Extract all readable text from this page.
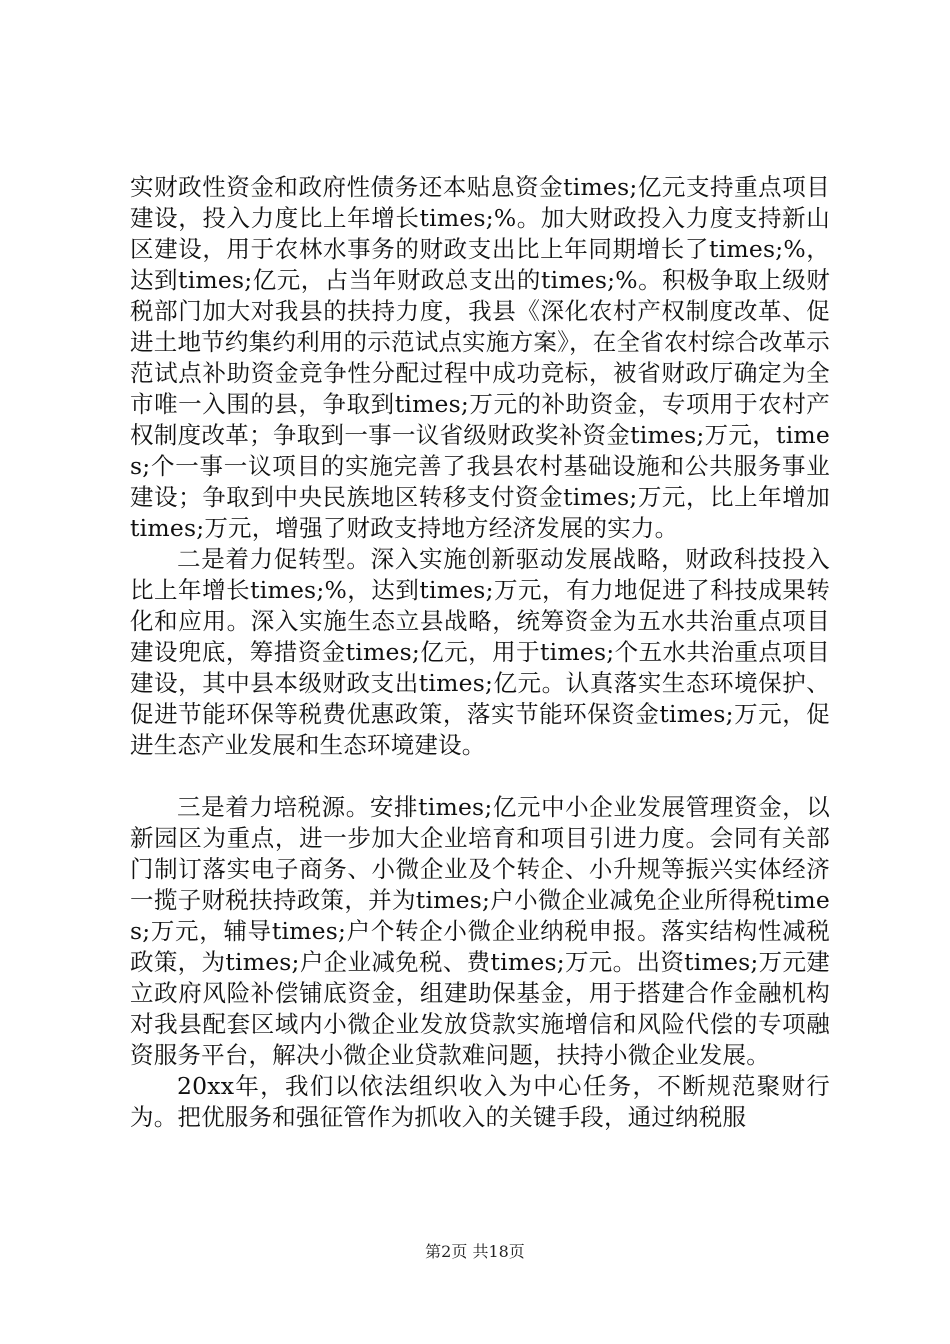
实财政性资金和政府性债务还本贴息资金times;亿元支持重点项目建设，投入力度比上年增长times;%。加大财政投入力度支持新山区建设，用于农林水事务的财政支出比上年同期增长了times;%，达到times;亿元，占当年财政总支出的times;%。积极争取上级财税部门加大对我县的扶持力度，我县《深化农村产权制度改革、促进土地节约集约利用的示范试点实施方案》，在全省农村综合改革示范试点补助资金竞争性分配过程中成功竞标，被省财政厅确定为全市唯一入围的县，争取到times;万元的补助资金，专项用于农村产权制度改革；争取到一事一议省级财政奖补资金times;万元，times;个一事一议项目的实施完善了我县农村基础设施和公共服务事业建设；争取到中央民族地区转移支付资金times;万元，比上年增加times;万元，增强了财政支持地方经济发展的实力。

二是着力促转型。深入实施创新驱动发展战略，财政科技投入比上年增长times;%，达到times;万元，有力地促进了科技成果转化和应用。深入实施生态立县战略，统筹资金为五水共治重点项目建设兜底，筹措资金times;亿元，用于times;个五水共治重点项目建设，其中县本级财政支出times;亿元。认真落实生态环境保护、促进节能环保等税费优惠政策，落实节能环保资金times;万元，促进生态产业发展和生态环境建设。

三是着力培税源。安排times;亿元中小企业发展管理资金，以新园区为重点，进一步加大企业培育和项目引进力度。会同有关部门制订落实电子商务、小微企业及个转企、小升规等振兴实体经济一揽子财税扶持政策，并为times;户小微企业减免企业所得税times;万元，辅导times;户个转企小微企业纳税申报。落实结构性减税政策，为times;户企业减免税、费times;万元。出资times;万元建立政府风险补偿铺底资金，组建助保基金，用于搭建合作金融机构对我县配套区域内小微企业发放贷款实施增信和风险代偿的专项融资服务平台，解决小微企业贷款难问题，扶持小微企业发展。

20xx年，我们以依法组织收入为中心任务，不断规范聚财行为。把优服务和强征管作为抓收入的关键手段，通过纳税服

第2页 共18页
